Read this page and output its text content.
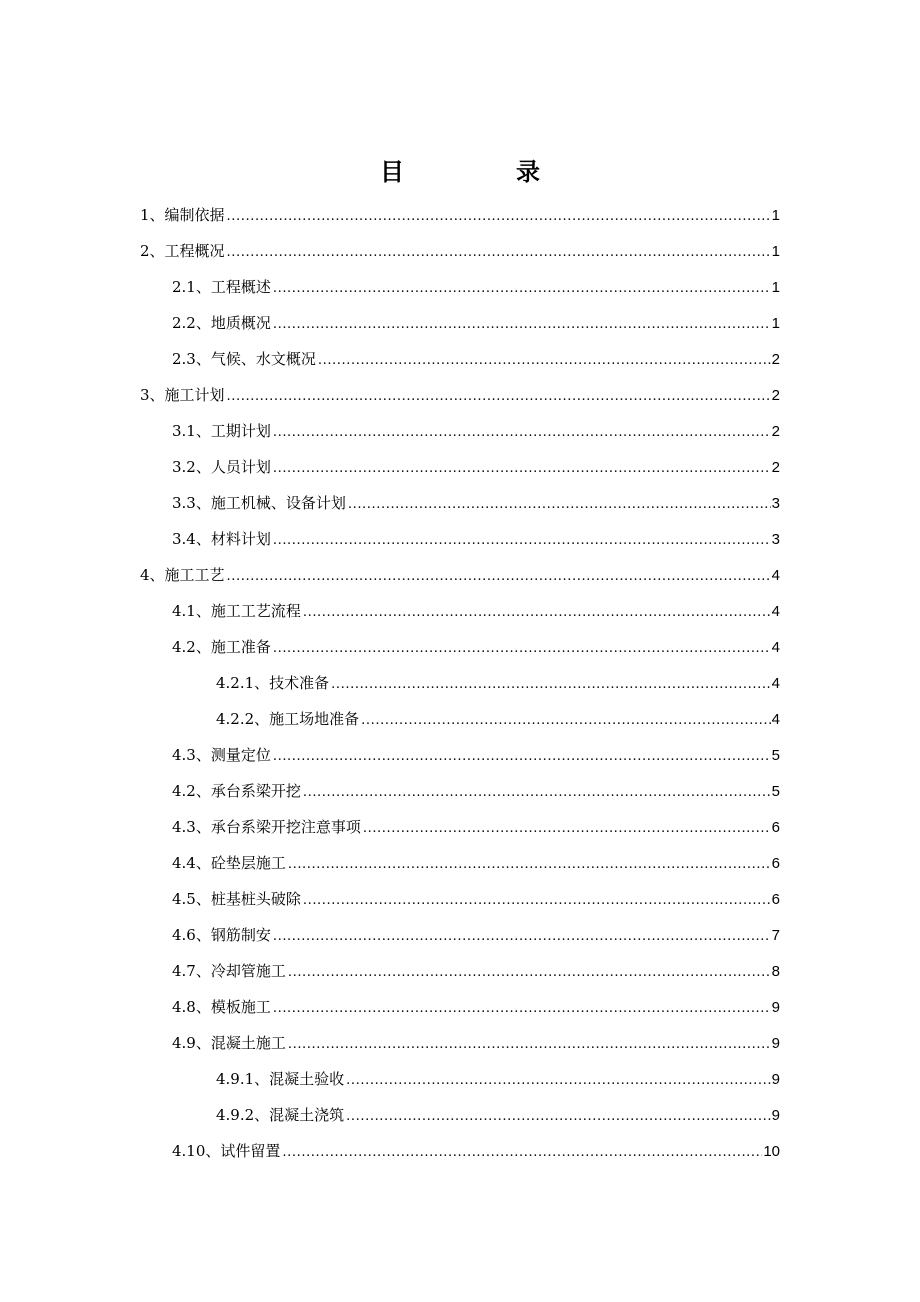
目　录
1、编制依据 .....	1
2、工程概况 .....	1
2.1、工程概述 .....	1
2.2、地质概况 .....	1
2.3、气候、水文概况 .....	2
3、施工计划 .....	2
3.1、工期计划 .....	2
3.2、人员计划 .....	2
3.3、施工机械、设备计划 .....	3
3.4、材料计划 .....	3
4、施工工艺 .....	4
4.1、施工工艺流程 .....	4
4.2、施工准备 .....	4
4.2.1、技术准备 .....	4
4.2.2、施工场地准备 .....	4
4.3、测量定位 .....	5
4.2、承台系梁开挖 .....	5
4.3、承台系梁开挖注意事项 .....	6
4.4、砼垫层施工 .....	6
4.5、桩基桩头破除 .....	6
4.6、钢筋制安 .....	7
4.7、冷却管施工 .....	8
4.8、模板施工 .....	9
4.9、混凝土施工 .....	9
4.9.1、混凝土验收 .....	9
4.9.2、混凝土浇筑 .....	9
4.10、试件留置 .....	10
